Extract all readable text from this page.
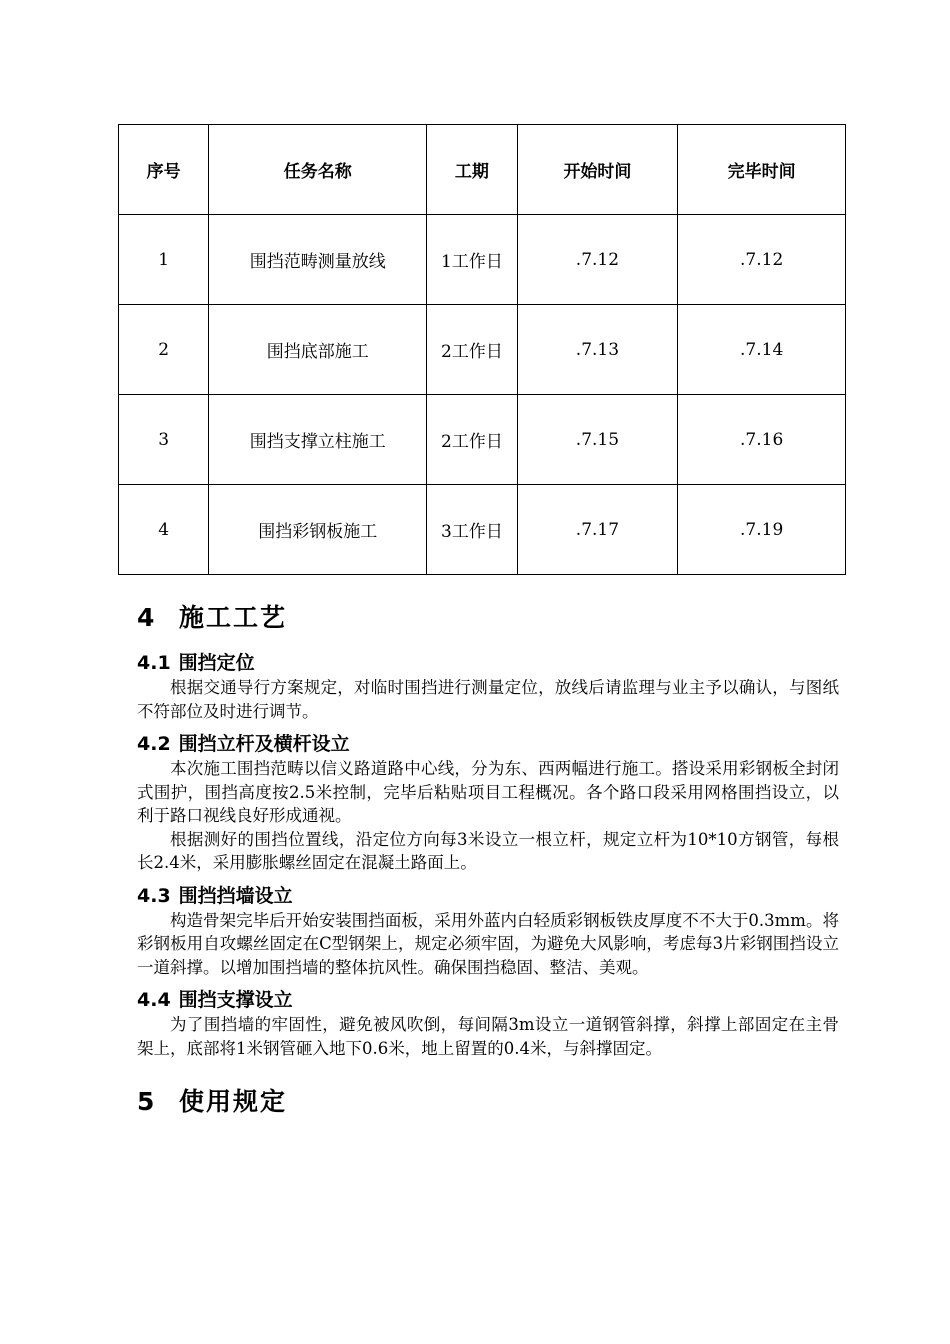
序号	任务名称	工期	开始时间	完毕时间
1	围挡范畴测量放线	1工作日	.7.12	.7.12
2	围挡底部施工	2工作日	.7.13	.7.14
3	围挡支撑立柱施工	2工作日	.7.15	.7.16
4	围挡彩钢板施工	3工作日	.7.17	.7.19
4 施工工艺
4.1 围挡定位

根据交通导行方案规定，对临时围挡进行测量定位，放线后请监理与业主予以确认，与图纸不符部位及时进行调节。

4.2 围挡立杆及横杆设立

本次施工围挡范畴以信义路道路中心线，分为东、西两幅进行施工。搭设采用彩钢板全封闭式围护，围挡高度按2.5米控制，完毕后粘贴项目工程概况。各个路口段采用网格围挡设立，以利于路口视线良好形成通视。

根据测好的围挡位置线，沿定位方向每3米设立一根立杆，规定立杆为10*10方钢管，每根长2.4米，采用膨胀螺丝固定在混凝土路面上。

4.3 围挡挡墙设立

构造骨架完毕后开始安装围挡面板，采用外蓝内白轻质彩钢板铁皮厚度不不大于0.3mm。将彩钢板用自攻螺丝固定在C型钢架上，规定必须牢固，为避免大风影响，考虑每3片彩钢围挡设立一道斜撑。以增加围挡墙的整体抗风性。确保围挡稳固、整洁、美观。

4.4 围挡支撑设立

为了围挡墙的牢固性，避免被风吹倒，每间隔3m设立一道钢管斜撑，斜撑上部固定在主骨架上，底部将1米钢管砸入地下0.6米，地上留置的0.4米，与斜撑固定。

5 使用规定
